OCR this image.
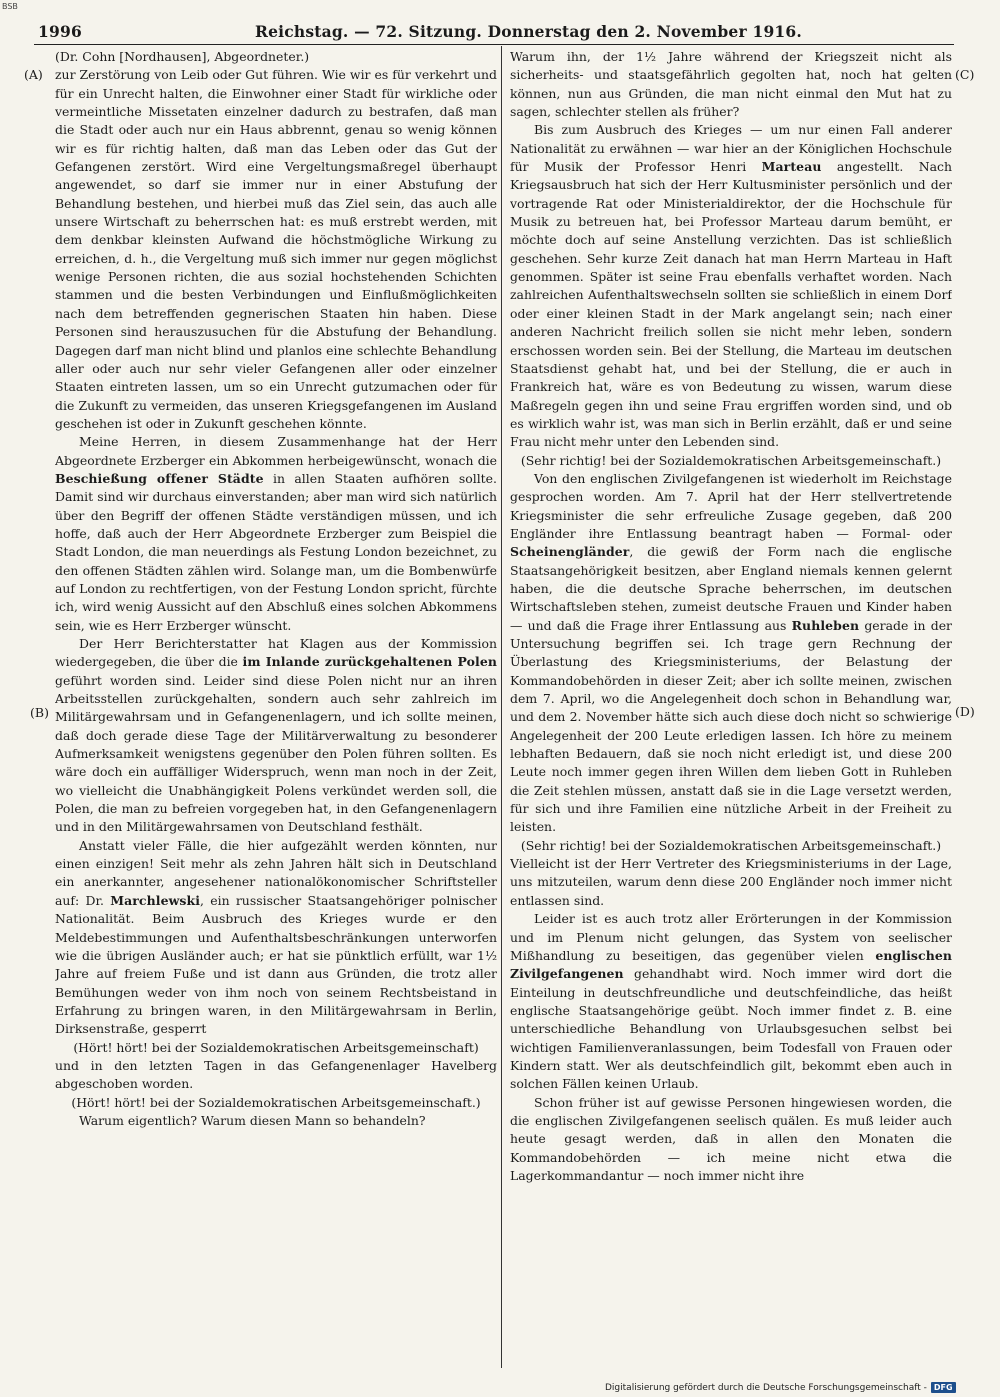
BSB
1996	Reichstag. — 72. Sitzung. Donnerstag den 2. November 1916.
(A)
(B)
(C)
(D)

(Dr. Cohn [Nordhausen], Abgeordneter.)

zur Zerstörung von Leib oder Gut führen. Wie wir es für verkehrt und für ein Unrecht halten, die Einwohner einer Stadt für wirkliche oder vermeintliche Missetaten einzelner dadurch zu bestrafen, daß man die Stadt oder auch nur ein Haus abbrennt, genau so wenig können wir es für richtig halten, daß man das Leben oder das Gut der Gefangenen zerstört. Wird eine Vergeltungsmaßregel überhaupt angewendet, so darf sie immer nur in einer Abstufung der Behandlung bestehen, und hierbei muß das Ziel sein, das auch alle unsere Wirtschaft zu beherrschen hat: es muß erstrebt werden, mit dem denkbar kleinsten Aufwand die höchstmögliche Wirkung zu erreichen, d. h., die Vergeltung muß sich immer nur gegen möglichst wenige Personen richten, die aus sozial hochstehenden Schichten stammen und die besten Verbindungen und Einflußmöglichkeiten nach dem betreffenden gegnerischen Staaten hin haben. Diese Personen sind herauszusuchen für die Abstufung der Behandlung. Dagegen darf man nicht blind und planlos eine schlechte Behandlung aller oder auch nur sehr vieler Gefangenen aller oder einzelner Staaten eintreten lassen, um so ein Unrecht gutzumachen oder für die Zukunft zu vermeiden, das unseren Kriegsgefangenen im Ausland geschehen ist oder in Zukunft geschehen könnte.

Meine Herren, in diesem Zusammenhange hat der Herr Abgeordnete Erzberger ein Abkommen herbeigewünscht, wonach die Beschießung offener Städte in allen Staaten aufhören sollte. Damit sind wir durchaus einverstanden; aber man wird sich natürlich über den Begriff der offenen Städte verständigen müssen, und ich hoffe, daß auch der Herr Abgeordnete Erzberger zum Beispiel die Stadt London, die man neuerdings als Festung London bezeichnet, zu den offenen Städten zählen wird. Solange man, um die Bombenwürfe auf London zu rechtfertigen, von der Festung London spricht, fürchte ich, wird wenig Aussicht auf den Abschluß eines solchen Abkommens sein, wie es Herr Erzberger wünscht.

Der Herr Berichterstatter hat Klagen aus der Kommission wiedergegeben, die über die im Inlande zurückgehaltenen Polen geführt worden sind. Leider sind diese Polen nicht nur an ihren Arbeitsstellen zurückgehalten, sondern auch sehr zahlreich im Militärgewahrsam und in Gefangenenlagern, und ich sollte meinen, daß doch gerade diese Tage der Militärverwaltung zu besonderer Aufmerksamkeit wenigstens gegenüber den Polen führen sollten. Es wäre doch ein auffälliger Widerspruch, wenn man noch in der Zeit, wo vielleicht die Unabhängigkeit Polens verkündet werden soll, die Polen, die man zu befreien vorgegeben hat, in den Gefangenenlagern und in den Militärgewahrsamen von Deutschland festhält.

Anstatt vieler Fälle, die hier aufgezählt werden könnten, nur einen einzigen! Seit mehr als zehn Jahren hält sich in Deutschland ein anerkannter, angesehener nationalökonomischer Schriftsteller auf: Dr. Marchlewski, ein russischer Staatsangehöriger polnischer Nationalität. Beim Ausbruch des Krieges wurde er den Meldebestimmungen und Aufenthaltsbeschränkungen unterworfen wie die übrigen Ausländer auch; er hat sie pünktlich erfüllt, war 1½ Jahre auf freiem Fuße und ist dann aus Gründen, die trotz aller Bemühungen weder von ihm noch von seinem Rechtsbeistand in Erfahrung zu bringen waren, in den Militärgewahrsam in Berlin, Dirksenstraße, gesperrt

(Hört! hört! bei der Sozialdemokratischen Arbeitsgemeinschaft)

und in den letzten Tagen in das Gefangenenlager Havelberg abgeschoben worden.

(Hört! hört! bei der Sozialdemokratischen Arbeitsgemeinschaft.)

Warum eigentlich? Warum diesen Mann so behandeln?

Warum ihn, der 1½ Jahre während der Kriegszeit nicht als sicherheits- und staatsgefährlich gegolten hat, noch hat gelten können, nun aus Gründen, die man nicht einmal den Mut hat zu sagen, schlechter stellen als früher?

Bis zum Ausbruch des Krieges — um nur einen Fall anderer Nationalität zu erwähnen — war hier an der Königlichen Hochschule für Musik der Professor Henri Marteau angestellt. Nach Kriegsausbruch hat sich der Herr Kultusminister persönlich und der vortragende Rat oder Ministerialdirektor, der die Hochschule für Musik zu betreuen hat, bei Professor Marteau darum bemüht, er möchte doch auf seine Anstellung verzichten. Das ist schließlich geschehen. Sehr kurze Zeit danach hat man Herrn Marteau in Haft genommen. Später ist seine Frau ebenfalls verhaftet worden. Nach zahlreichen Aufenthaltswechseln sollten sie schließlich in einem Dorf oder einer kleinen Stadt in der Mark angelangt sein; nach einer anderen Nachricht freilich sollen sie nicht mehr leben, sondern erschossen worden sein. Bei der Stellung, die Marteau im deutschen Staatsdienst gehabt hat, und bei der Stellung, die er auch in Frankreich hat, wäre es von Bedeutung zu wissen, warum diese Maßregeln gegen ihn und seine Frau ergriffen worden sind, und ob es wirklich wahr ist, was man sich in Berlin erzählt, daß er und seine Frau nicht mehr unter den Lebenden sind.

(Sehr richtig! bei der Sozialdemokratischen Arbeitsgemeinschaft.)

Von den englischen Zivilgefangenen ist wiederholt im Reichstage gesprochen worden. Am 7. April hat der Herr stellvertretende Kriegsminister die sehr erfreuliche Zusage gegeben, daß 200 Engländer ihre Entlassung beantragt haben — Formal- oder Scheinengländer, die gewiß der Form nach die englische Staatsangehörigkeit besitzen, aber England niemals kennen gelernt haben, die die deutsche Sprache beherrschen, im deutschen Wirtschaftsleben stehen, zumeist deutsche Frauen und Kinder haben — und daß die Frage ihrer Entlassung aus Ruhleben gerade in der Untersuchung begriffen sei. Ich trage gern Rechnung der Überlastung des Kriegsministeriums, der Belastung der Kommandobehörden in dieser Zeit; aber ich sollte meinen, zwischen dem 7. April, wo die Angelegenheit doch schon in Behandlung war, und dem 2. November hätte sich auch diese doch nicht so schwierige Angelegenheit der 200 Leute erledigen lassen. Ich höre zu meinem lebhaften Bedauern, daß sie noch nicht erledigt ist, und diese 200 Leute noch immer gegen ihren Willen dem lieben Gott in Ruhleben die Zeit stehlen müssen, anstatt daß sie in die Lage versetzt werden, für sich und ihre Familien eine nützliche Arbeit in der Freiheit zu leisten.

(Sehr richtig! bei der Sozialdemokratischen Arbeitsgemeinschaft.)

Vielleicht ist der Herr Vertreter des Kriegsministeriums in der Lage, uns mitzuteilen, warum denn diese 200 Engländer noch immer nicht entlassen sind.

Leider ist es auch trotz aller Erörterungen in der Kommission und im Plenum nicht gelungen, das System von seelischer Mißhandlung zu beseitigen, das gegenüber vielen englischen Zivilgefangenen gehandhabt wird. Noch immer wird dort die Einteilung in deutschfreundliche und deutschfeindliche, das heißt englische Staatsangehörige geübt. Noch immer findet z. B. eine unterschiedliche Behandlung von Urlaubsgesuchen selbst bei wichtigen Familienveranlassungen, beim Todesfall von Frauen oder Kindern statt. Wer als deutschfeindlich gilt, bekommt eben auch in solchen Fällen keinen Urlaub.

Schon früher ist auf gewisse Personen hingewiesen worden, die die englischen Zivilgefangenen seelisch quälen. Es muß leider auch heute gesagt werden, daß in allen den Monaten die Kommandobehörden — ich meine nicht etwa die Lagerkommandantur — noch immer nicht ihre

Digitalisierung gefördert durch die Deutsche Forschungsgemeinschaft - DFG
